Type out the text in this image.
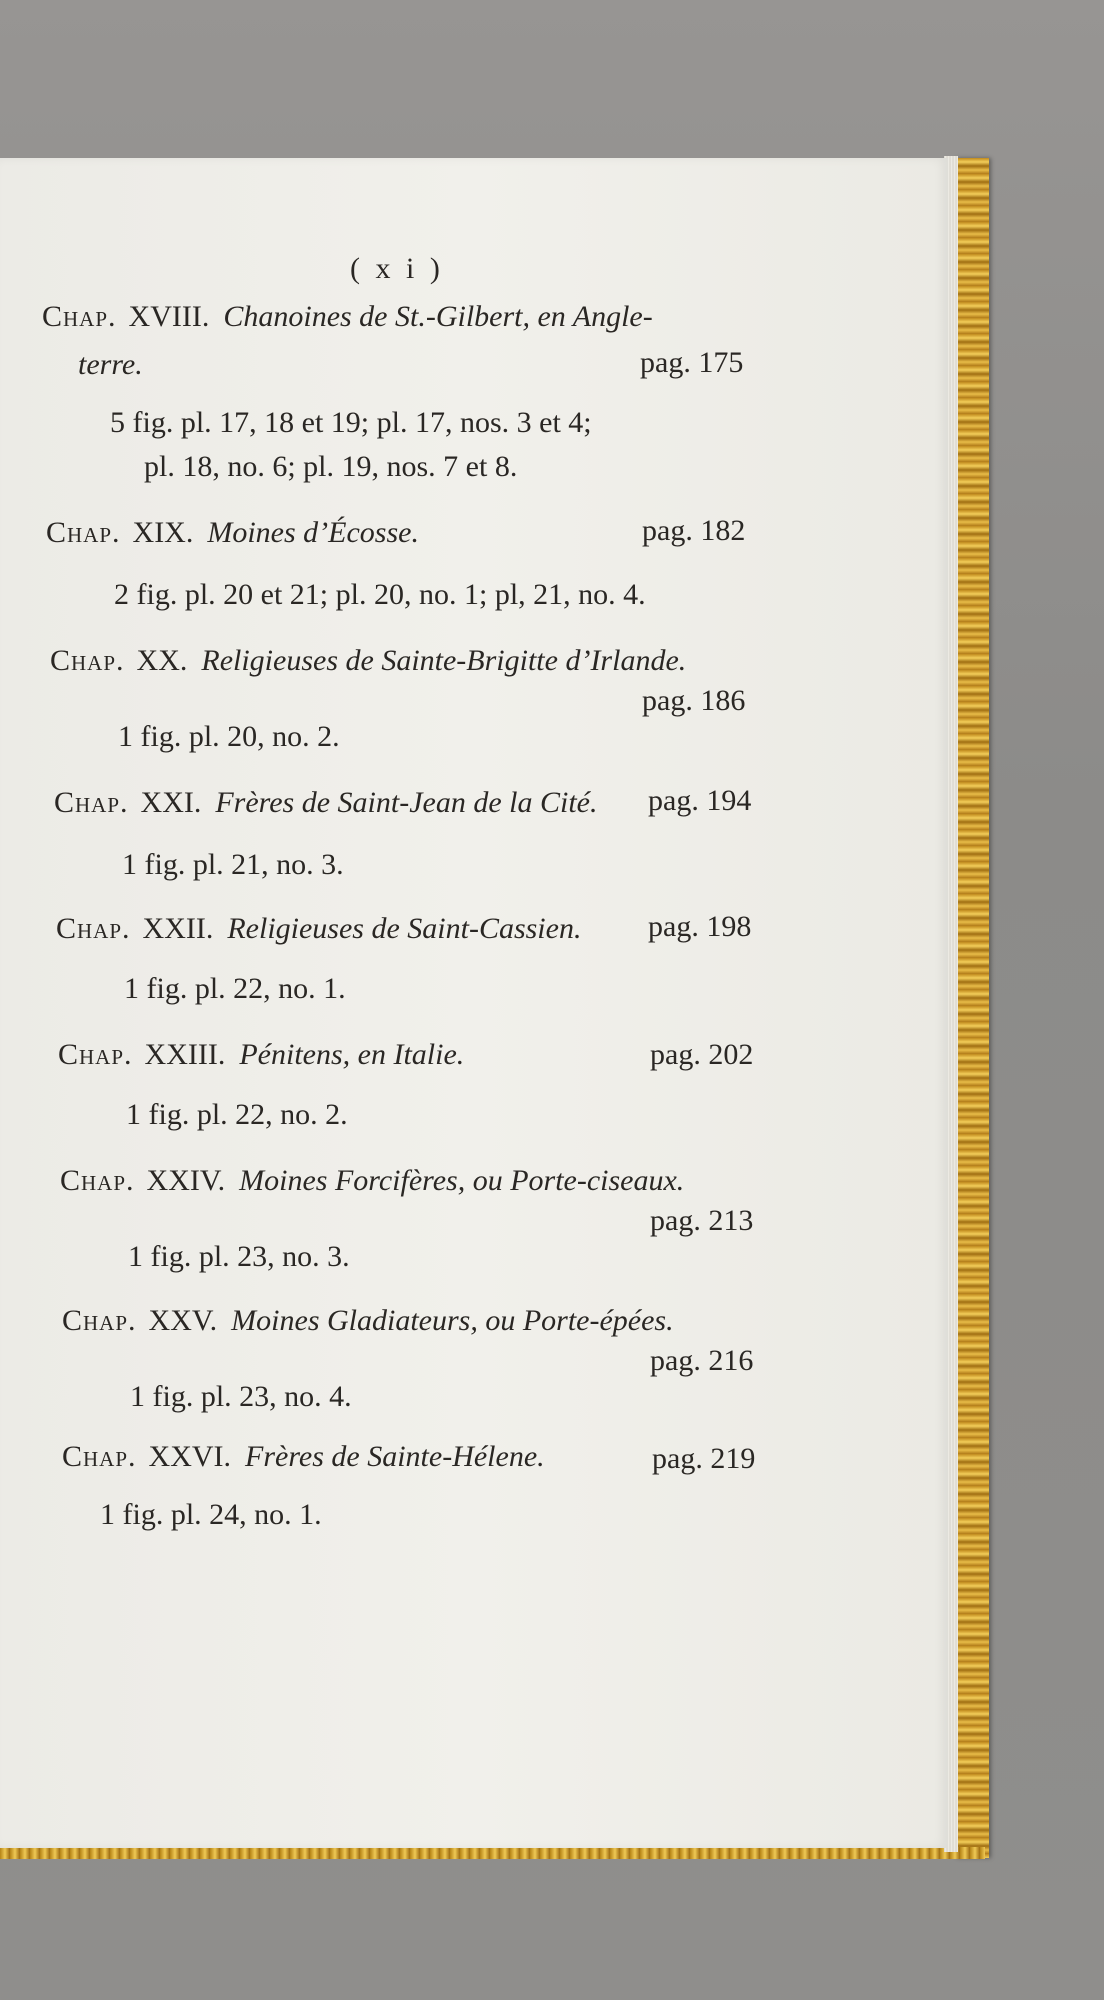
( x i )
Chap. XVIII. Chanoines de St.-Gilbert, en Angle-
terre.	pag. 175
5 fig. pl. 17, 18 et 19; pl. 17, nos. 3 et 4;
pl. 18, no. 6; pl. 19, nos. 7 et 8.
Chap. XIX. Moines d’Écosse.	pag. 182
2 fig. pl. 20 et 21; pl. 20, no. 1; pl, 21, no. 4.
Chap. XX. Religieuses de Sainte-Brigitte d’Irlande.
pag. 186
1 fig. pl. 20, no. 2.
Chap. XXI. Frères de Saint-Jean de la Cité. pag. 194
1 fig. pl. 21, no. 3.
Chap. XXII. Religieuses de Saint-Cassien. pag. 198
1 fig. pl. 22, no. 1.
Chap. XXIII. Pénitens, en Italie.	pag. 202
1 fig. pl. 22, no. 2.
Chap. XXIV. Moines Forcifères, ou Porte-ciseaux.
pag. 213
1 fig. pl. 23, no. 3.
Chap. XXV. Moines Gladiateurs, ou Porte-épées.
pag. 216
1 fig. pl. 23, no. 4.
Chap. XXVI. Frères de Sainte-Hélene.	pag. 219
1 fig. pl. 24, no. 1.
